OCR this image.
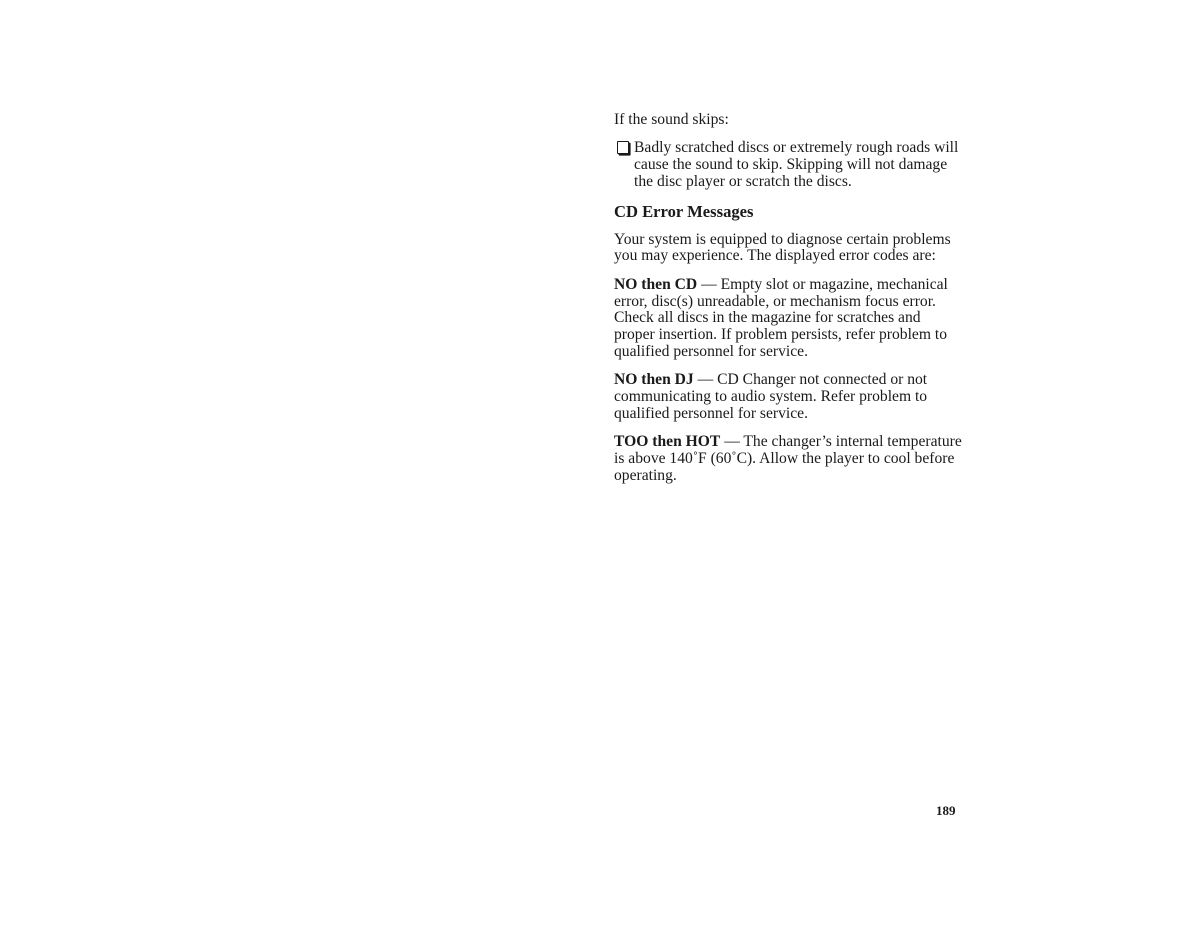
If the sound skips:

Badly scratched discs or extremely rough roads will cause the sound to skip. Skipping will not damage the disc player or scratch the discs.
CD Error Messages

Your system is equipped to diagnose certain problems you may experience. The displayed error codes are:

NO then CD — Empty slot or magazine, mechanical error, disc(s) unreadable, or mechanism focus error. Check all discs in the magazine for scratches and proper insertion. If problem persists, refer problem to qualified personnel for service.

NO then DJ — CD Changer not connected or not communicating to audio system. Refer problem to qualified personnel for service.

TOO then HOT — The changer’s internal temperature is above 140˚F (60˚C). Allow the player to cool before operating.

189
